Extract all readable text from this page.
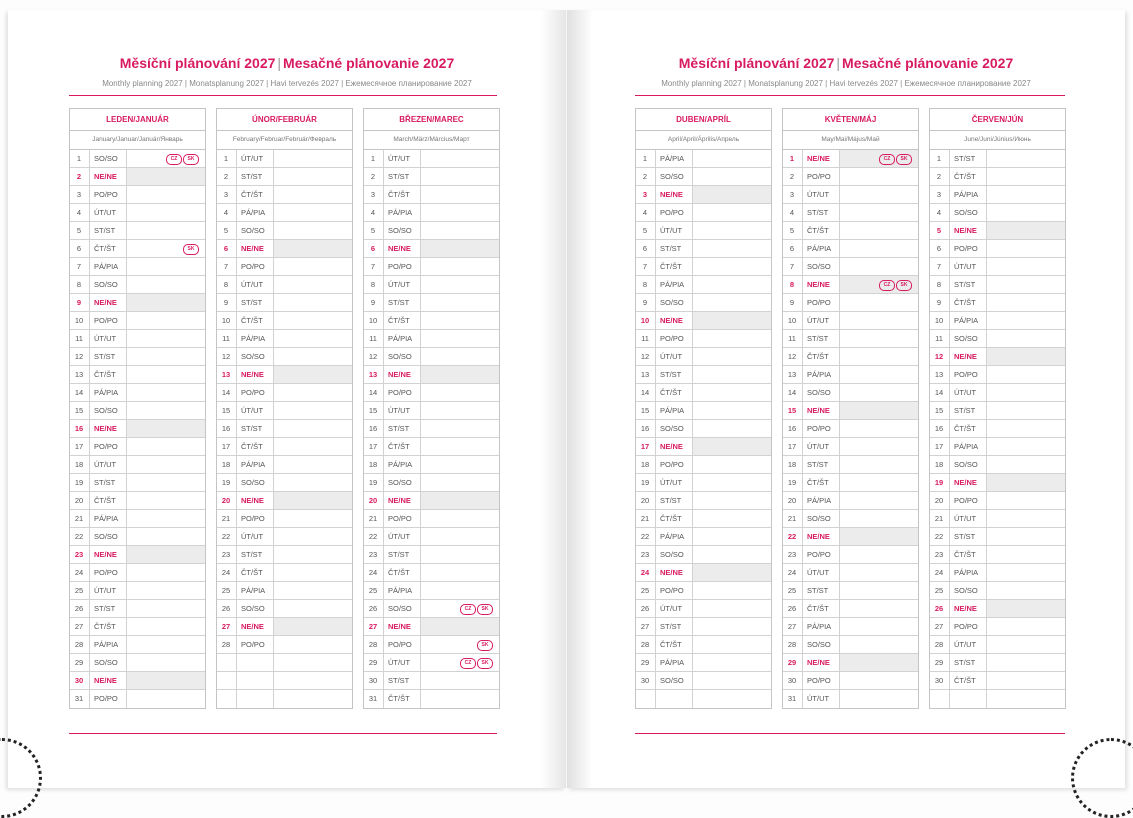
Měsíční plánování 2027 | Mesačné plánovanie 2027
Monthly planning 2027 | Monatsplanung 2027 | Havi tervezés 2027 | Ежемесячное планирование 2027
LEDEN/JANUÁR
January/Januar/Január/Январь
1	SO/SO	CZ SK
2	NE/NE
3	PO/PO
4	ÚT/UT
5	ST/ST
6	ČT/ŠT	SK
7	PÁ/PIA
8	SO/SO
9	NE/NE
10	PO/PO
11	ÚT/UT
12	ST/ST
13	ČT/ŠT
14	PÁ/PIA
15	SO/SO
16	NE/NE
17	PO/PO
18	ÚT/UT
19	ST/ST
20	ČT/ŠT
21	PÁ/PIA
22	SO/SO
23	NE/NE
24	PO/PO
25	ÚT/UT
26	ST/ST
27	ČT/ŠT
28	PÁ/PIA
29	SO/SO
30	NE/NE
31	PO/PO
ÚNOR/FEBRUÁR
February/Februar/Február/Февраль
1	ÚT/UT
2	ST/ST
3	ČT/ŠT
4	PÁ/PIA
5	SO/SO
6	NE/NE
7	PO/PO
8	ÚT/UT
9	ST/ST
10	ČT/ŠT
11	PÁ/PIA
12	SO/SO
13	NE/NE
14	PO/PO
15	ÚT/UT
16	ST/ST
17	ČT/ŠT
18	PÁ/PIA
19	SO/SO
20	NE/NE
21	PO/PO
22	ÚT/UT
23	ST/ST
24	ČT/ŠT
25	PÁ/PIA
26	SO/SO
27	NE/NE
28	PO/PO
BŘEZEN/MAREC
March/März/Március/Март
1	ÚT/UT
2	ST/ST
3	ČT/ŠT
4	PÁ/PIA
5	SO/SO
6	NE/NE
7	PO/PO
8	ÚT/UT
9	ST/ST
10	ČT/ŠT
11	PÁ/PIA
12	SO/SO
13	NE/NE
14	PO/PO
15	ÚT/UT
16	ST/ST
17	ČT/ŠT
18	PÁ/PIA
19	SO/SO
20	NE/NE
21	PO/PO
22	ÚT/UT
23	ST/ST
24	ČT/ŠT
25	PÁ/PIA
26	SO/SO	CZ SK
27	NE/NE
28	PO/PO	SK
29	ÚT/UT	CZ SK
30	ST/ST
31	ČT/ŠT
Měsíční plánování 2027 | Mesačné plánovanie 2027
Monthly planning 2027 | Monatsplanung 2027 | Havi tervezés 2027 | Ежемесячное планирование 2027
DUBEN/APRÍL
April/April/Április/Апрель
1	PÁ/PIA
2	SO/SO
3	NE/NE
4	PO/PO
5	ÚT/UT
6	ST/ST
7	ČT/ŠT
8	PÁ/PIA
9	SO/SO
10	NE/NE
11	PO/PO
12	ÚT/UT
13	ST/ST
14	ČT/ŠT
15	PÁ/PIA
16	SO/SO
17	NE/NE
18	PO/PO
19	ÚT/UT
20	ST/ST
21	ČT/ŠT
22	PÁ/PIA
23	SO/SO
24	NE/NE
25	PO/PO
26	ÚT/UT
27	ST/ST
28	ČT/ŠT
29	PÁ/PIA
30	SO/SO
KVĚTEN/MÁJ
May/Mai/Május/Май
1	NE/NE	CZ SK
2	PO/PO
3	ÚT/UT
4	ST/ST
5	ČT/ŠT
6	PÁ/PIA
7	SO/SO
8	NE/NE	CZ SK
9	PO/PO
10	ÚT/UT
11	ST/ST
12	ČT/ŠT
13	PÁ/PIA
14	SO/SO
15	NE/NE
16	PO/PO
17	ÚT/UT
18	ST/ST
19	ČT/ŠT
20	PÁ/PIA
21	SO/SO
22	NE/NE
23	PO/PO
24	ÚT/UT
25	ST/ST
26	ČT/ŠT
27	PÁ/PIA
28	SO/SO
29	NE/NE
30	PO/PO
31	ÚT/UT
ČERVEN/JÚN
June/Juni/Június/Июнь
1	ST/ST
2	ČT/ŠT
3	PÁ/PIA
4	SO/SO
5	NE/NE
6	PO/PO
7	ÚT/UT
8	ST/ST
9	ČT/ŠT
10	PÁ/PIA
11	SO/SO
12	NE/NE
13	PO/PO
14	ÚT/UT
15	ST/ST
16	ČT/ŠT
17	PÁ/PIA
18	SO/SO
19	NE/NE
20	PO/PO
21	ÚT/UT
22	ST/ST
23	ČT/ŠT
24	PÁ/PIA
25	SO/SO
26	NE/NE
27	PO/PO
28	ÚT/UT
29	ST/ST
30	ČT/ŠT
